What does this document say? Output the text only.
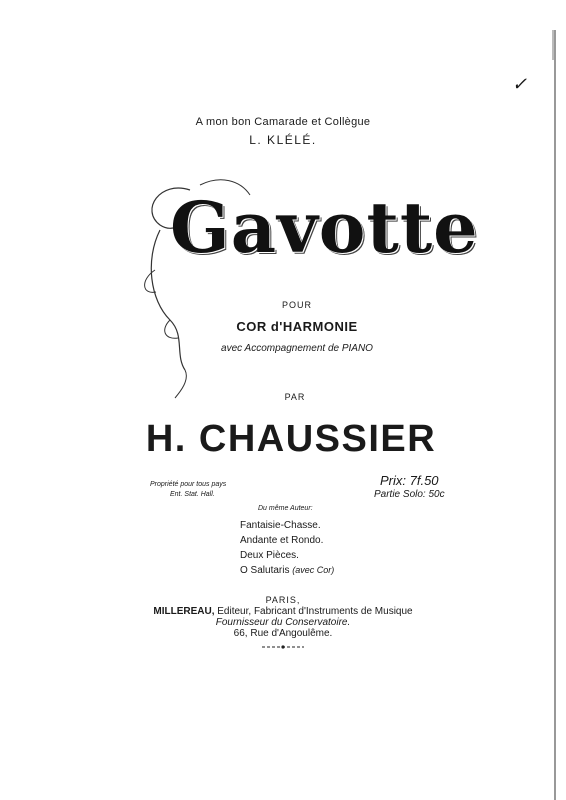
✓
A mon bon Camarade et Collègue
L. KLÉLÉ.
Gavotte
POUR
COR d'HARMONIE
avec Accompagnement de PIANO
PAR
H. CHAUSSIER
Propriété pour tous pays
Ent. Stat. Hall.
Prix: 7f.50
Partie Solo: 50c
Du même Auteur:
Fantaisie-Chasse.
Andante et Rondo.
Deux Pièces.
O Salutaris (avec Cor)
PARIS,
MILLEREAU, Editeur, Fabricant d'Instruments de Musique
Fournisseur du Conservatoire.
66, Rue d'Angoulême.
